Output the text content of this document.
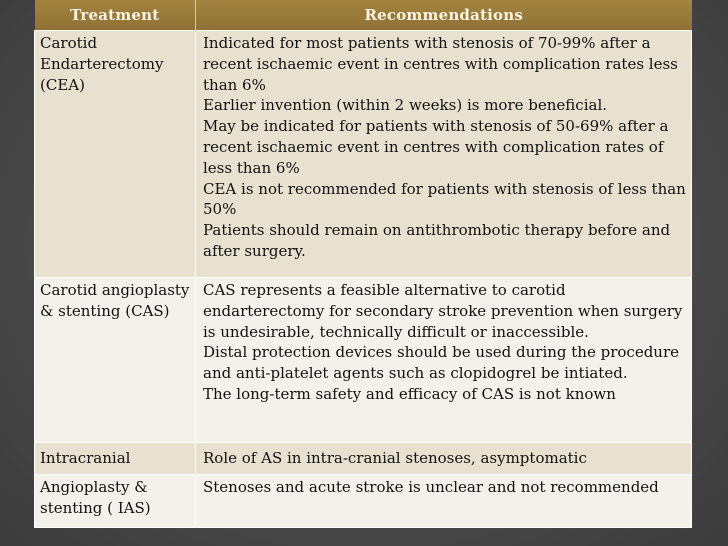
Treatment	Recommendations
Carotid Endarterectomy (CEA)	Indicated for most patients with stenosis of 70-99% after a recent ischaemic event in centres with complication rates less than 6%
Earlier invention (within 2 weeks) is more beneficial.
May be indicated for patients with stenosis of 50-69% after a recent ischaemic event in centres with complication rates of less than 6%
CEA is not recommended for patients with stenosis of less than 50%
Patients should remain on antithrombotic therapy before and after surgery.

Carotid angioplasty & stenting (CAS)	CAS represents a feasible alternative to carotid endarterectomy for secondary stroke prevention when surgery is undesirable, technically difficult or inaccessible.
Distal protection devices should be used during the procedure and anti-platelet agents such as clopidogrel be intiated.
The long-term safety and efficacy of CAS is not known

Intracranial	Role of AS in intra-cranial stenoses, asymptomatic

Angioplasty & stenting ( IAS)	Stenoses and acute stroke is unclear and not recommended
